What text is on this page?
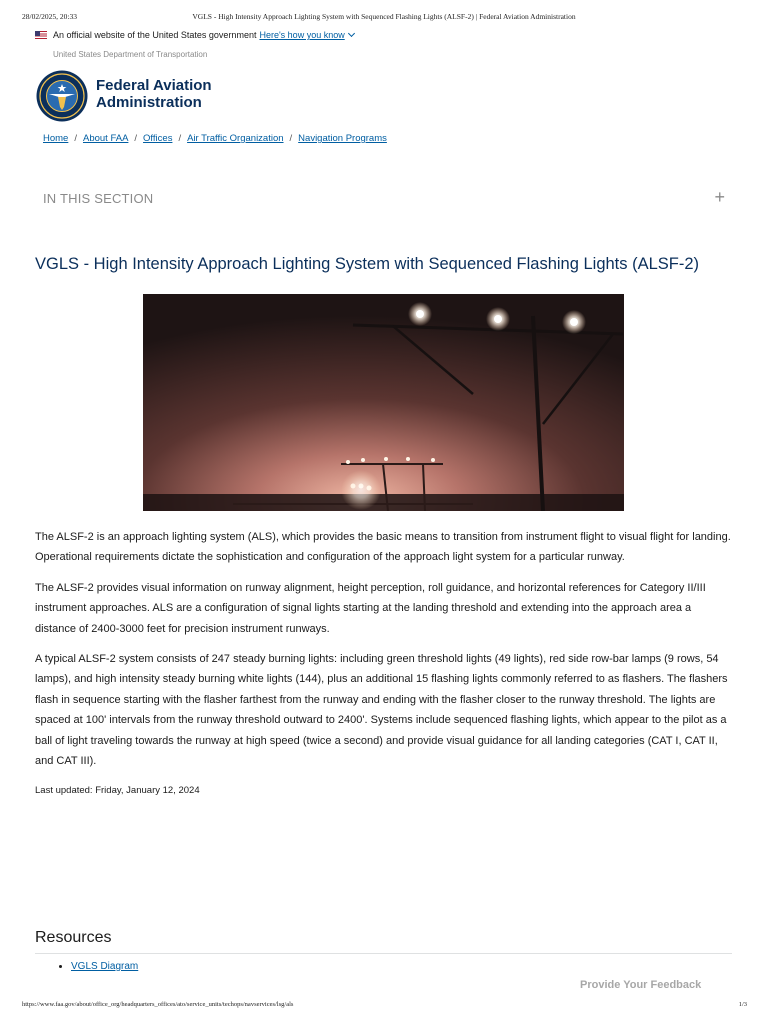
28/02/2025, 20:33	VGLS - High Intensity Approach Lighting System with Sequenced Flashing Lights (ALSF-2) | Federal Aviation Administration
An official website of the United States government Here's how you know
United States Department of Transportation
Federal Aviation
Administration
Home / About FAA / Offices / Air Traffic Organization / Navigation Programs
IN THIS SECTION	+
VGLS - High Intensity Approach Lighting System with Sequenced Flashing Lights (ALSF-2)

The ALSF-2 is an approach lighting system (ALS), which provides the basic means to transition from instrument flight to visual flight for landing. Operational requirements dictate the sophistication and configuration of the approach light system for a particular runway.

The ALSF-2 provides visual information on runway alignment, height perception, roll guidance, and horizontal references for Category II/III instrument approaches. ALS are a configuration of signal lights starting at the landing threshold and extending into the approach area a distance of 2400-3000 feet for precision instrument runways.

A typical ALSF-2 system consists of 247 steady burning lights: including green threshold lights (49 lights), red side row-bar lamps (9 rows, 54 lamps), and high intensity steady burning white lights (144), plus an additional 15 flashing lights commonly referred to as flashers. The flashers flash in sequence starting with the flasher farthest from the runway and ending with the flasher closer to the runway threshold. The lights are spaced at 100' intervals from the runway threshold outward to 2400'. Systems include sequenced flashing lights, which appear to the pilot as a ball of light traveling towards the runway at high speed (twice a second) and provide visual guidance for all landing categories (CAT I, CAT II, and CAT III).

Last updated: Friday, January 12, 2024
Resources
• VGLS Diagram
Provide Your Feedback
https://www.faa.gov/about/office_org/headquarters_offices/ato/service_units/techops/navservices/lsg/als	1/3
